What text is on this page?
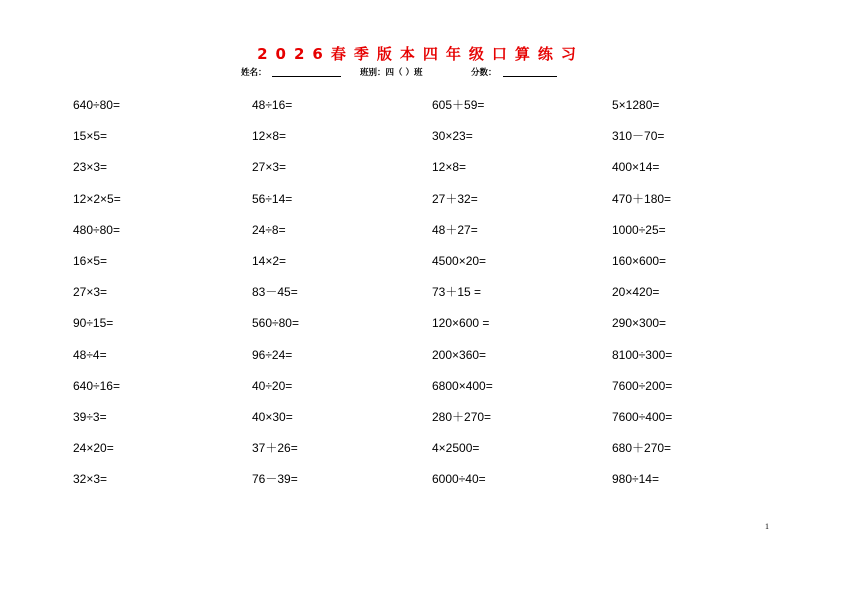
2026春季版本四年级口算练习
姓名：	班别：四（ ）班	分数：
640÷80=	48÷16=	605＋59=	5×1280=
15×5=	12×8=	30×23=	310－70=
23×3=	27×3=	12×8=	400×14=
12×2×5=	56÷14=	27＋32=	470＋180=
480÷80=	24÷8=	48＋27=	1000÷25=
16×5=	14×2=	4500×20=	160×600=
27×3=	83－45=	73＋15 =	20×420=
90÷15=	560÷80=	120×600 =	290×300=
48÷4=	96÷24=	200×360=	8100÷300=
640÷16=	40÷20=	6800×400=	7600÷200=
39÷3=	40×30=	280＋270=	7600÷400=
24×20=	37＋26=	4×2500=	680＋270=
32×3=	76－39=	6000÷40=	980÷14=
1
